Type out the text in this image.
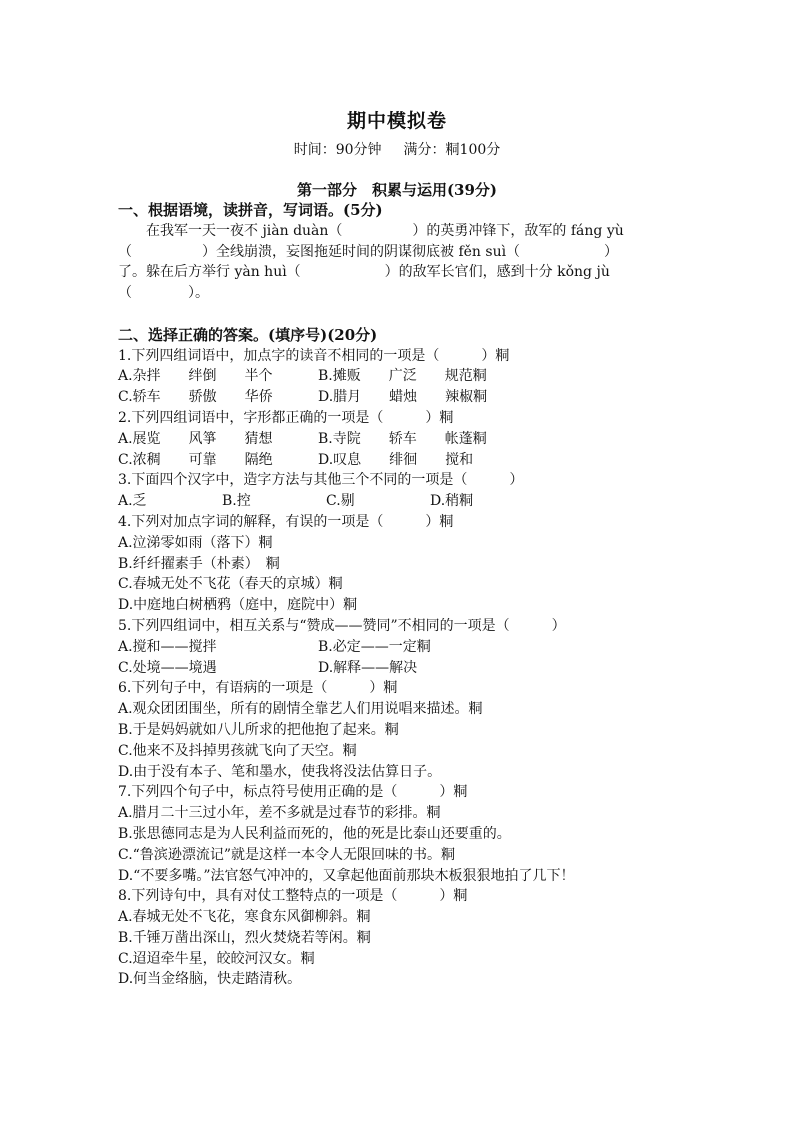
期中模拟卷
时间：90分钟 满分：粡100分
第一部分　积累与运用(39分)
一、根据语境，读拼音，写词语。(5分)
　　在我军一天一夜不 jiàn duàn（　　　　　）的英勇冲锋下，敌军的 fáng yù
（　　　　　）全线崩溃，妄图拖延时间的阴谋彻底被 fěn suì（　　　　　　）
了。躲在后方举行 yàn huì（　　　　　　）的敌军长官们，感到十分 kǒng jù
（　　　　）。
二、选择正确的答案。(填序号)(20分)
1.下列四组词语中，加点字的读音不相同的一项是（　　　）粡
A.杂拌　　绊倒　　半个	B.摊贩　　广泛　　规范粡
C.轿车　　骄傲　　华侨	D.腊月　　蜡烛　　辣椒粡
2.下列四组词语中，字形都正确的一项是（　　　）粡
A.展览　　风箏　　猜想	B.寺院　　轿车　　帐蓬粡
C.浓稠　　可靠　　隔绝	D.叹息　　绯徊　　搅和
3.下面四个汉字中，造字方法与其他三个不同的一项是（　　　）
A.乏	B.控	C.剔	D.稍粡
4.下列对加点字词的解释，有误的一项是（　　　）粡
A.泣涕零如雨（落下）粡
B.纤纤擢素手（朴素）　粡
C.春城无处不飞花（春天的京城）粡
D.中庭地白树栖鸦（庭中，庭院中）粡
5.下列四组词中，相互关系与“赞成——赞同”不相同的一项是（　　　）
A.搅和——搅拌	B.必定——一定粡
C.处境——境遇	D.解释——解决
6.下列句子中，有语病的一项是（　　　）粡
A.观众团团围坐，所有的剧情全靠艺人们用说唱来描述。粡
B.于是妈妈就如八儿所求的把他抱了起来。粡
C.他来不及抖掉男孩就飞向了天空。粡
D.由于没有本子、笔和墨水，使我将没法估算日子。
7.下列四个句子中，标点符号使用正确的是（　　　）粡
A.腊月二十三过小年，差不多就是过春节的彩排。粡
B.张思德同志是为人民利益而死的，他的死是比泰山还要重的。
C.“鲁滨逊漂流记”就是这样一本令人无限回味的书。粡
D.“不要多嘴。”法官怒气冲冲的，又拿起他面前那块木板狠狠地拍了几下！
8.下列诗句中，具有对仗工整特点的一项是（　　　）粡
A.春城无处不飞花，寒食东风御柳斜。粡
B.千锤万凿出深山，烈火焚烧若等闲。粡
C.迢迢牵牛星，皎皎河汉女。粡
D.何当金络脑，快走踏清秋。
